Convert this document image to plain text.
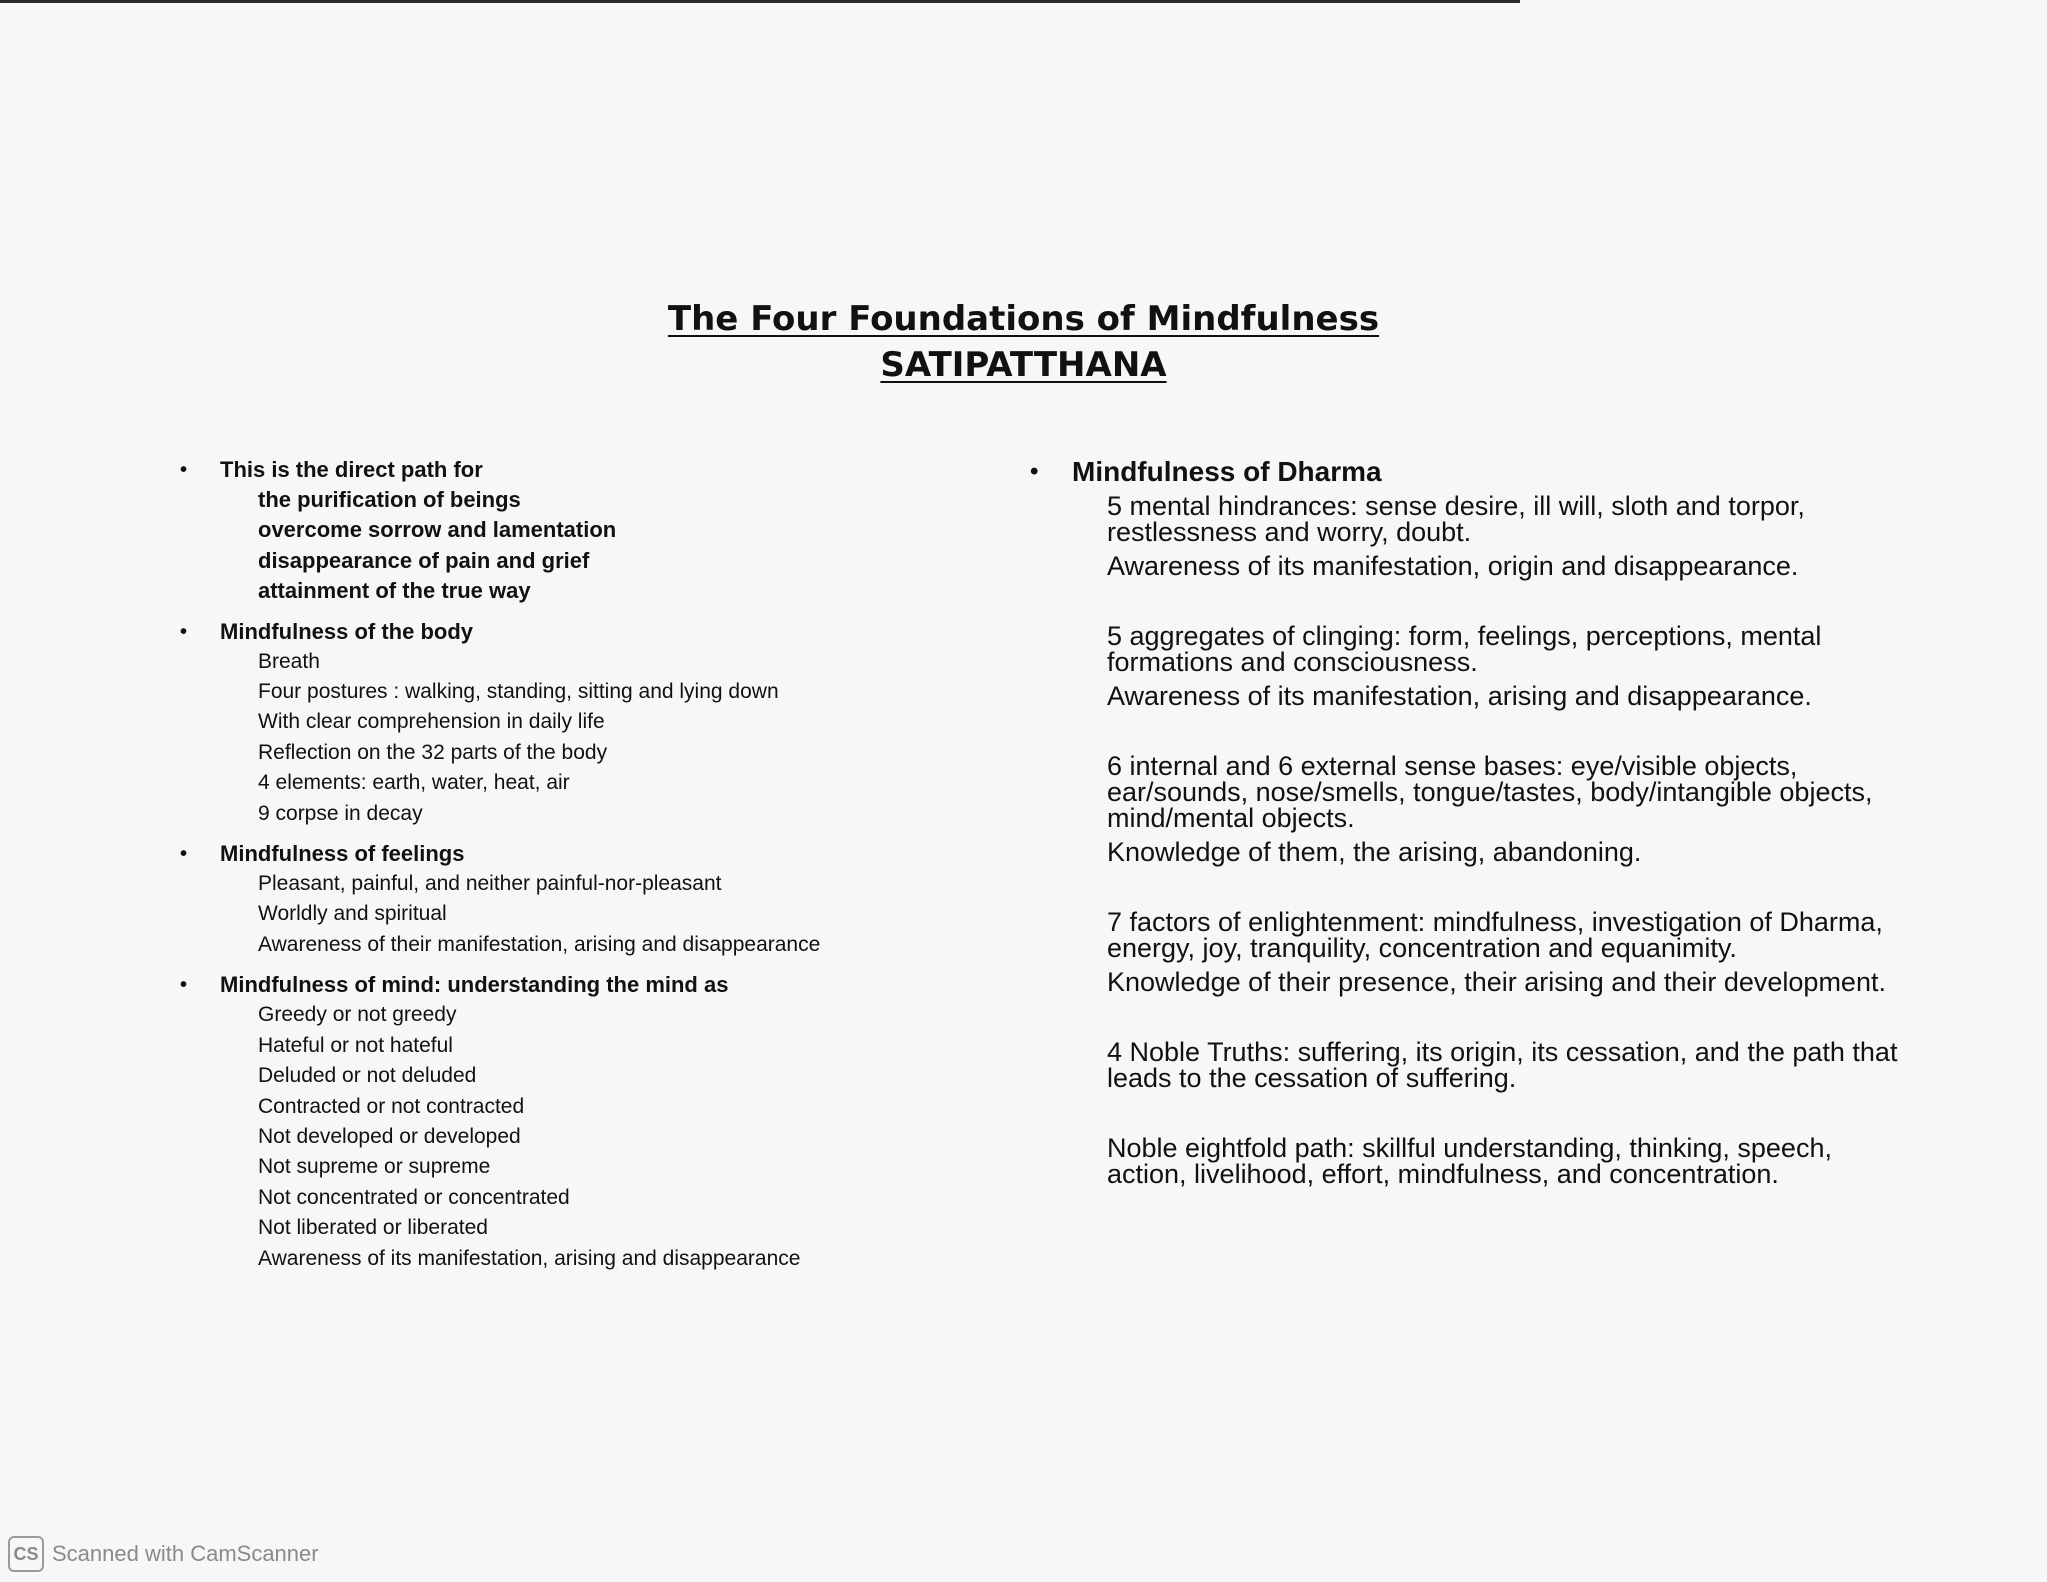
The Four Foundations of Mindfulness
SATIPATTHANA
• This is the direct path for
the purification of beings
overcome sorrow and lamentation
disappearance of pain and grief
attainment of the true way
• Mindfulness of the body
Breath
Four postures : walking, standing, sitting and lying down
With clear comprehension in daily life
Reflection on the 32 parts of the body
4 elements: earth, water, heat, air
9 corpse in decay
• Mindfulness of feelings
Pleasant, painful, and neither painful-nor-pleasant
Worldly and spiritual
Awareness of their manifestation, arising and disappearance
• Mindfulness of mind: understanding the mind as
Greedy or not greedy
Hateful or not hateful
Deluded or not deluded
Contracted or not contracted
Not developed or developed
Not supreme or supreme
Not concentrated or concentrated
Not liberated or liberated
Awareness of its manifestation, arising and disappearance
• Mindfulness of Dharma
5 mental hindrances: sense desire, ill will, sloth and torpor, restlessness and worry, doubt.
Awareness of its manifestation, origin and disappearance.
5 aggregates of clinging: form, feelings, perceptions, mental formations and consciousness.
Awareness of its manifestation, arising and disappearance.
6 internal and 6 external sense bases: eye/visible objects, ear/sounds, nose/smells, tongue/tastes, body/intangible objects, mind/mental objects.
Knowledge of them, the arising, abandoning.
7 factors of enlightenment: mindfulness, investigation of Dharma, energy, joy, tranquility, concentration and equanimity.
Knowledge of their presence, their arising and their development.
4 Noble Truths: suffering, its origin, its cessation, and the path that leads to the cessation of suffering.
Noble eightfold path: skillful understanding, thinking, speech, action, livelihood, effort, mindfulness, and concentration.
CS Scanned with CamScanner
